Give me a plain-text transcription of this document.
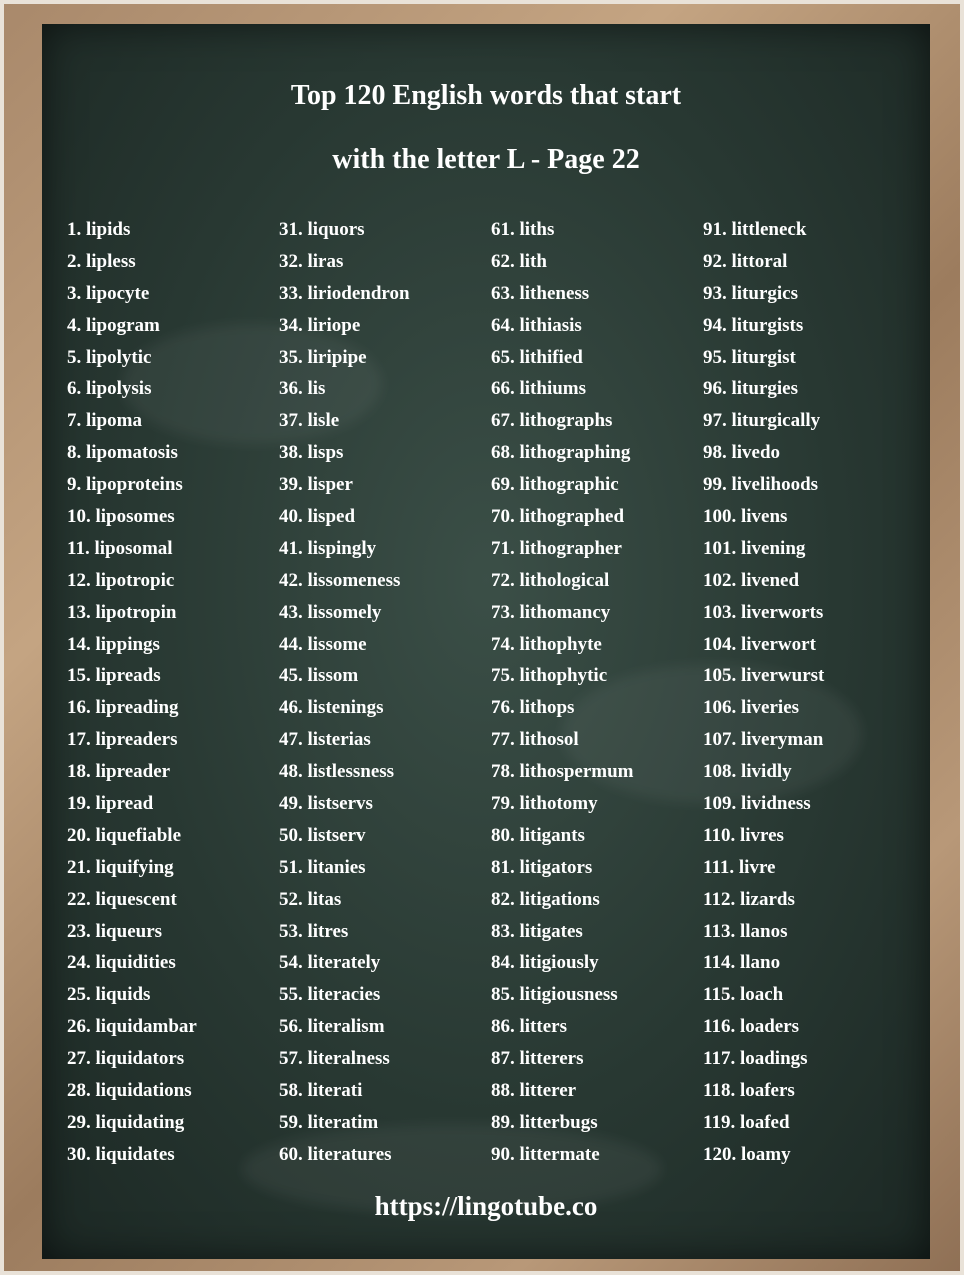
Top 120 English words that start
with the letter L - Page 22
1. lipids
2. lipless
3. lipocyte
4. lipogram
5. lipolytic
6. lipolysis
7. lipoma
8. lipomatosis
9. lipoproteins
10. liposomes
11. liposomal
12. lipotropic
13. lipotropin
14. lippings
15. lipreads
16. lipreading
17. lipreaders
18. lipreader
19. lipread
20. liquefiable
21. liquifying
22. liquescent
23. liqueurs
24. liquidities
25. liquids
26. liquidambar
27. liquidators
28. liquidations
29. liquidating
30. liquidates
31. liquors
32. liras
33. liriodendron
34. liriope
35. liripipe
36. lis
37. lisle
38. lisps
39. lisper
40. lisped
41. lispingly
42. lissomeness
43. lissomely
44. lissome
45. lissom
46. listenings
47. listerias
48. listlessness
49. listservs
50. listserv
51. litanies
52. litas
53. litres
54. literately
55. literacies
56. literalism
57. literalness
58. literati
59. literatim
60. literatures
61. liths
62. lith
63. litheness
64. lithiasis
65. lithified
66. lithiums
67. lithographs
68. lithographing
69. lithographic
70. lithographed
71. lithographer
72. lithological
73. lithomancy
74. lithophyte
75. lithophytic
76. lithops
77. lithosol
78. lithospermum
79. lithotomy
80. litigants
81. litigators
82. litigations
83. litigates
84. litigiously
85. litigiousness
86. litters
87. litterers
88. litterer
89. litterbugs
90. littermate
91. littleneck
92. littoral
93. liturgics
94. liturgists
95. liturgist
96. liturgies
97. liturgically
98. livedo
99. livelihoods
100. livens
101. livening
102. livened
103. liverworts
104. liverwort
105. liverwurst
106. liveries
107. liveryman
108. lividly
109. lividness
110. livres
111. livre
112. lizards
113. llanos
114. llano
115. loach
116. loaders
117. loadings
118. loafers
119. loafed
120. loamy
https://lingotube.co
